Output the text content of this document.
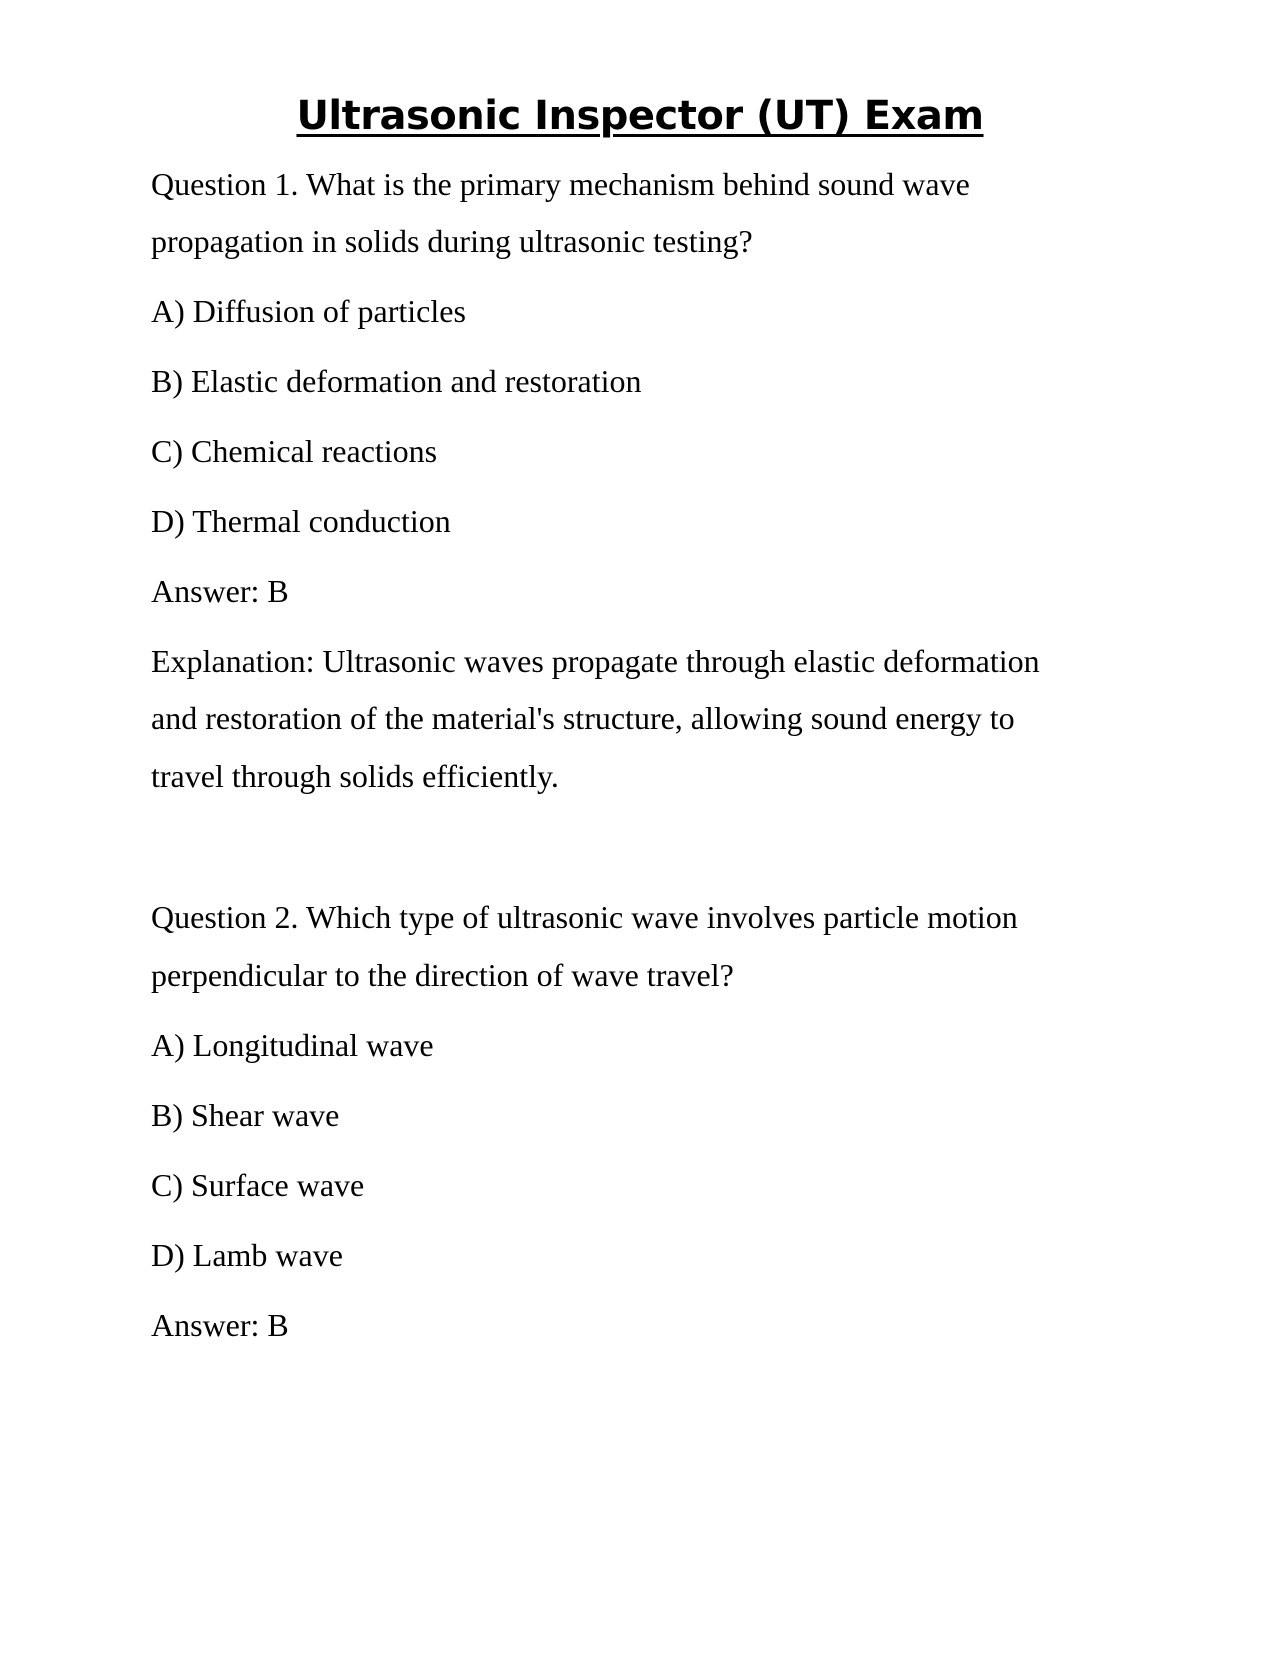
Ultrasonic Inspector (UT) Exam
Question 1. What is the primary mechanism behind sound wave
propagation in solids during ultrasonic testing?
A) Diffusion of particles
B) Elastic deformation and restoration
C) Chemical reactions
D) Thermal conduction
Answer: B
Explanation: Ultrasonic waves propagate through elastic deformation
and restoration of the material's structure, allowing sound energy to
travel through solids efficiently.
Question 2. Which type of ultrasonic wave involves particle motion
perpendicular to the direction of wave travel?
A) Longitudinal wave
B) Shear wave
C) Surface wave
D) Lamb wave
Answer: B
